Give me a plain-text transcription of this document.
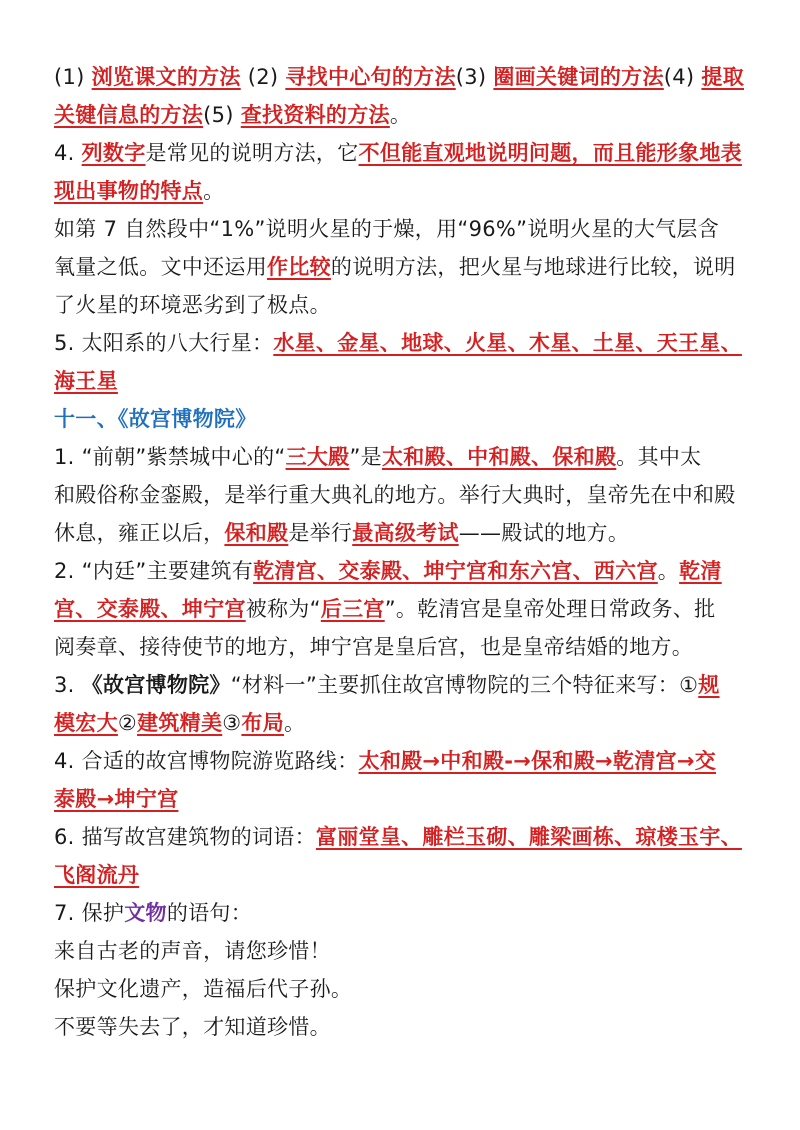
(1) 浏览课文的方法 (2) 寻找中心句的方法(3) 圈画关键词的方法(4) 提取
关键信息的方法(5) 查找资料的方法。
4. 列数字是常见的说明方法，它不但能直观地说明问题，而且能形象地表
现出事物的特点。
如第 7 自然段中“1%”说明火星的于燥，用“96%”说明火星的大气层含
氧量之低。文中还运用作比较的说明方法，把火星与地球进行比较，说明
了火星的环境恶劣到了极点。
5. 太阳系的八大行星：水星、金星、地球、火星、木星、土星、天王星、
海王星
十一、《故宫博物院》
1. “前朝”紫禁城中心的“三大殿”是太和殿、中和殿、保和殿。其中太
和殿俗称金銮殿，是举行重大典礼的地方。举行大典时，皇帝先在中和殿
休息，雍正以后，保和殿是举行最高级考试——殿试的地方。
2. “内廷”主要建筑有乾清宫、交泰殿、坤宁宫和东六宫、西六宫。乾清
宫、交泰殿、坤宁宫被称为“后三宫”。乾清宫是皇帝处理日常政务、批
阅奏章、接待使节的地方，坤宁宫是皇后宫，也是皇帝结婚的地方。
3. 《故宫博物院》“材料一”主要抓住故宫博物院的三个特征来写：①规
模宏大②建筑精美③布局。
4. 合适的故宫博物院游览路线：太和殿→中和殿-→保和殿→乾清宫→交
泰殿→坤宁宫
6. 描写故宫建筑物的词语：富丽堂皇、雕栏玉砌、雕梁画栋、琼楼玉宇、
飞阁流丹
7. 保护文物的语句：
来自古老的声音，请您珍惜！
保护文化遗产，造福后代子孙。
不要等失去了，才知道珍惜。
